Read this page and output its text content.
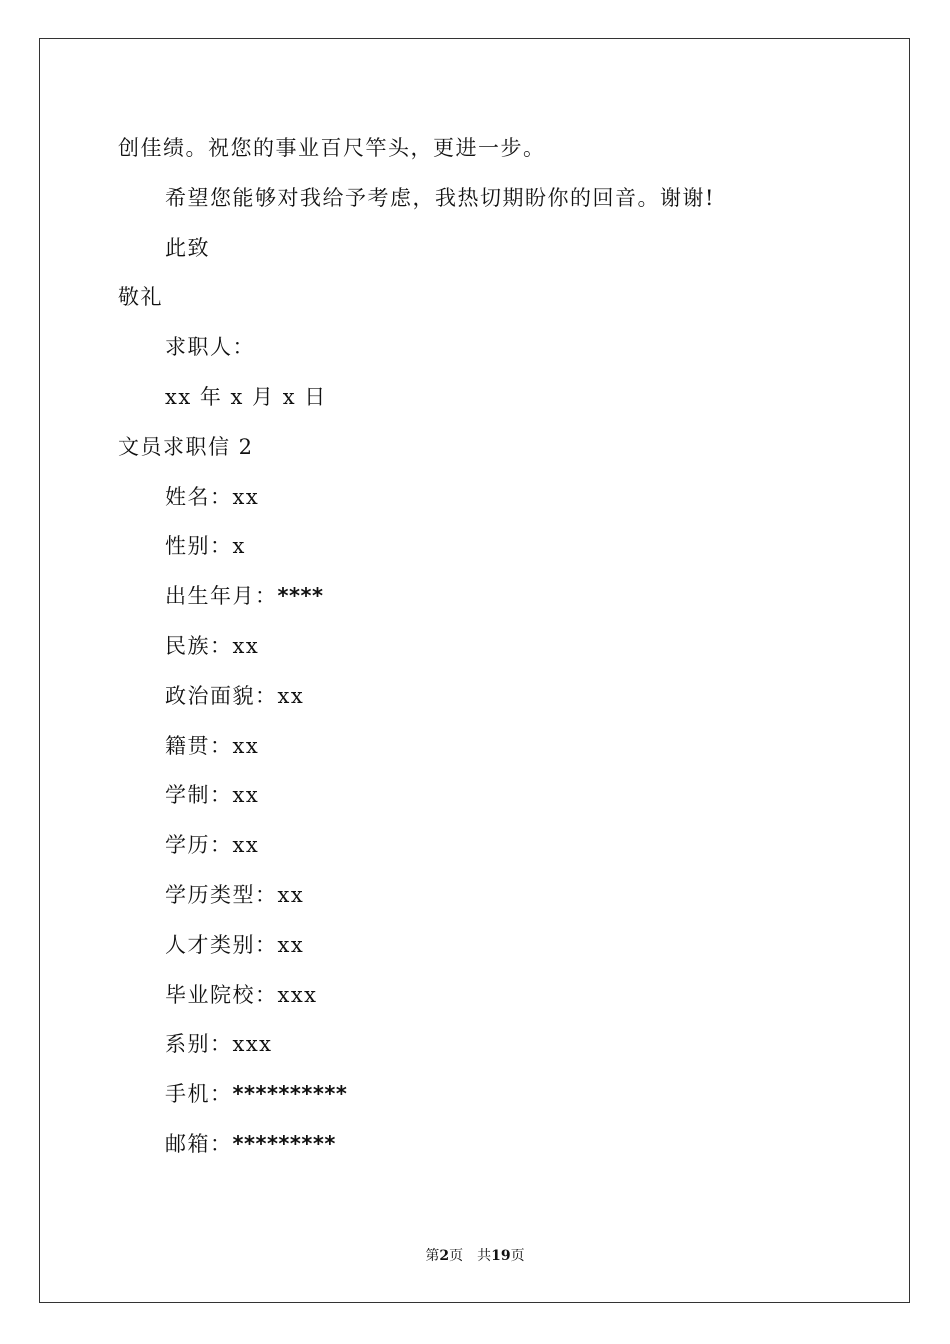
创佳绩。祝您的事业百尺竿头，更进一步。
希望您能够对我给予考虑，我热切期盼你的回音。谢谢!
此致
敬礼
求职人：
xx 年 x 月 x 日
文员求职信 2
姓名：xx
性别：x
出生年月：****
民族：xx
政治面貌：xx
籍贯：xx
学制：xx
学历：xx
学历类型：xx
人才类别：xx
毕业院校：xxx
系别：xxx
手机：**********
邮箱：*********
第2页 共19页
